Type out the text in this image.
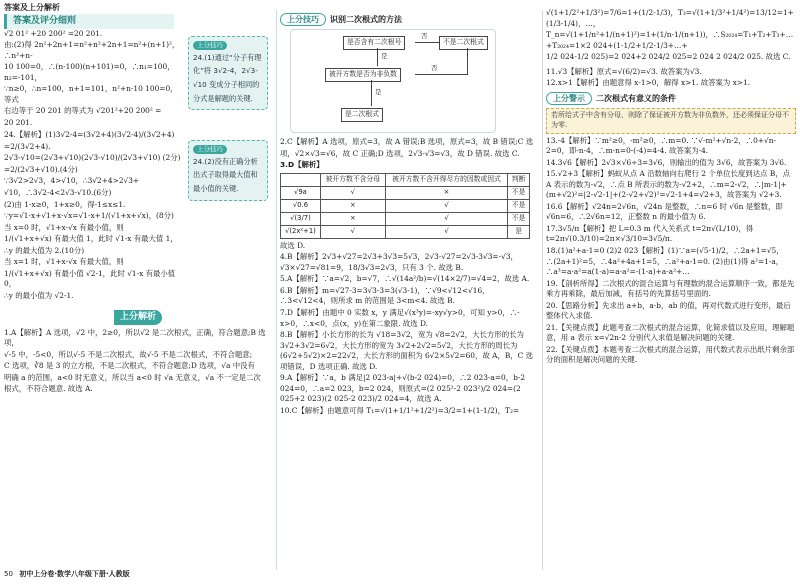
答案及上分解析
答案及评分细则

√2 01² +20 200² =20 201.

由:(2)得 2n²+2n+1=n²+n²+2n+1=n²+(n+1)²，∴n²+n-

10 100=0，∴(n-100)(n+101)=0，∴n₁=100，n₂=-101，

∵n≥0，∴n=100，n+1=101，n²+n-10 100=0，等式

右边等于 20 201 的等式为 √201²+20 200² =

20 201.

24.【解析】(1)3√2-4=(3√2+4)(3√2-4)/(3√2+4)

=2/(3√2+4).

2√3-√10=(2√3+√10)(2√3-√10)/(2√3+√10) (2分)

=2/(2√3+√10).(4分)

∵3√2>2√3，4>√10，∴3√2+4>2√3+

√10，∴3√2-4<2√3-√10.(6分)

(2)由 1-x≥0，1+x≥0，得-1≤x≤1.

∵y=√1-x+√1+x-√x=√1-x+1/(√1+x+√x)，(8分)

当 x=0 时，√1+x-√x 有最小值，则

1/(√1+x+√x) 有最大值 1，此时 √1-x 有最大值 1，

∴y 的最大值为 2.(10分)

当 x=1 时，√1+x-√x 有最大值，则

1/(√1+x+√x) 有最小值 √2-1，此时 √1-x 有最小值 0，

∴y 的最小值为 √2-1.

上分技巧

24.(1)通过“分子有理化”将 3√2-4，2√3-√10 变成分子相同的分式是解题的关键.

上分技巧

24.(2)没有正确分析出式子取得最大值和最小值的关键.

上分解析

1.A【解析】A 选项，√2 中，2≥0，所以√2 是二次根式，正确，符合题意;B 选项，

√-5 中，-5<0，所以√-5 不是二次根式，故√-5 不是二次根式，不符合题意;

C 选项，∛8 是 3 的立方根，不是二次根式，不符合题意;D 选项，√a 中没有

明确 a 的范围，a<0 时无意义，所以当 a<0 时 √a 无意义，√a 不一定是二次

根式，不符合题意. 故选 A.

上分技巧	识别二次根式的方法
是否含有二次根号
否
不是二次根式
是
被开方数是否为非负数
否
是
是二次根式

2.C【解析】A 选项，原式=3，故 A 错误;B 选项，原式=3，故 B 错误;C 选

项，√2×√3=√6，故 C 正确;D 选项，2√3-√3=√3，故 D 错误. 故选 C.

3.D【解析】

	被开方数不含分母	被开方数不含开得尽方的因数或因式	判断
√9a	√	×	不是
√0.6	×	√	不是
√(3/7)	×	√	不是
√(2x²+1)	√	√	是

故选 D.

4.B【解析】2√3+√27=2√3+3√3=5√3，2√3-√27=2√3-3√3=-√3，√3×√27=√81=9，18/3√3=2√3，只有 3 个. 故选 B.

5.A【解析】∵a=√2，b=√7，∴√(14a²/b)=√(14×2/7)=√4=2，故选 A.

6.B【解析】m=√27-3=3√3-3=3(√3-1)，∵√9<√12<√16，∴3<√12<4，则所求 m 的范围是 3<m<4. 故选 B.

7.D【解析】由题中 0 实数 x，y 满足√(x³y)=-xy√y>0，可知 y>0，∴-x>0，∴x<0，点(x，y)在第二象限. 故选 D.

8.B【解析】小长方形的长为 √18=3√2，宽为 √8=2√2，大长方形的长为 3√2+3√2=6√2，大长方形的宽为 3√2+2√2=5√2，大长方形的周长为(6√2+5√2)×2=22√2，大长方形的面积为 6√2×5√2=60，故 A，B，C 选项错误，D 选项正确. 故选 D.

9.A【解析】∵a，b 满足|2 023-a|+√(b-2 024)=0，∴2 023-a=0，b-2 024=0，∴a=2 023，b=2 024，则原式=(2 025²-2 023²)/2 024=(2 025+2 023)(2 025-2 023)/2 024=4，故选 A.

10.C【解析】由题意可得 T₁=√(1+1/1²+1/2²)=3/2=1+(1-1/2)，T₂=

√(1+1/2²+1/3²)=7/6=1+(1/2-1/3)，T₃=√(1+1/3²+1/4²)=13/12=1+(1/3-1/4)，…，

T_n=√(1+1/n²+1/(n+1)²)=1+(1/n-1/(n+1))，∴S₂₀₂₄=T₁+T₂+T₃+…+T₂₀₂₄=1×2 024+(1-1/2+1/2-1/3+…+

1/2 024-1/2 025)=2 024+2 024/2 025=2 024 2 024/2 025. 故选 C.

11.√3【解析】原式=√(6/2)=√3. 故答案为√3.

12.x>1【解析】由题意得 x-1>0，解得 x>1. 故答案为 x>1.

上分警示	二次根式有意义的条件
若所给式子中含有分母，则除了保证被开方数为非负数外，还必须保证分母不为零.

13.-4【解析】∵m²≥0，-m²≥0，∴m=0. ∵√-m²+√n-2，∴0+√n-2=0，即-n-4，∴m-n=0-(-4)=4-4. 故答案为-4.

14.3√6【解析】2√3×√6÷3=3√6，则输出的值为 3√6，故答案为 3√6.

15.√2+3【解析】蚂蚁从点 A 沿数轴向右爬行 2 个单位长度到达点 B，点 A 表示的数为-√2，∴点 B 所表示的数为-√2+2，∴m=2-√2，∴|m-1|+(m+√2)²=|2-√2-1|+(2-√2+√2)²=√2-1+4=√2+3，故答案为 √2+3.

16.6【解析】√24n=2√6n，√24n 是整数，∴n=6 时 √6n 是整数，即 √6n=6，∴2√6n=12，正整数 n 的最小值为 6.

17.3√5/π【解析】把 L=0.3 m 代入关系式 t=2π√(L/10)，得 t=2π√(0.3/10)=2π×√3/10=3√5/π.

18.(1)a²+a-1=0 (2)2 023【解析】(1)∵a=(√5-1)/2，∴2a+1=√5，∴(2a+1)²=5，∴4a²+4a+1=5，∴a²+a-1=0. (2)由(1)得 a²=1-a，∴a³=a·a²=a(1-a)=a-a²=-(1-a)+a-a²+…

19.【剖析所得】二次根式的混合运算与有理数的混合运算顺序一致，都是先乘方再乘除，最后加减，有括号的先算括号里面的.

20.【思路分析】先求出 a+b，a-b，ab 的值，再对代数式进行变形，最后整体代入求值.

21.【关键点拨】此题考查二次根式的混合运算，化简求值以及应用，理解题意，用 a 表示 x=√2n-2 分别代入求值是解决问题的关键.

22.【关键点拨】本题考查二次根式的混合运算，用代数式表示出纸片剩余部分的面积是解决问题的关键.

50 初中上分卷·数学八年级下册·人教版
